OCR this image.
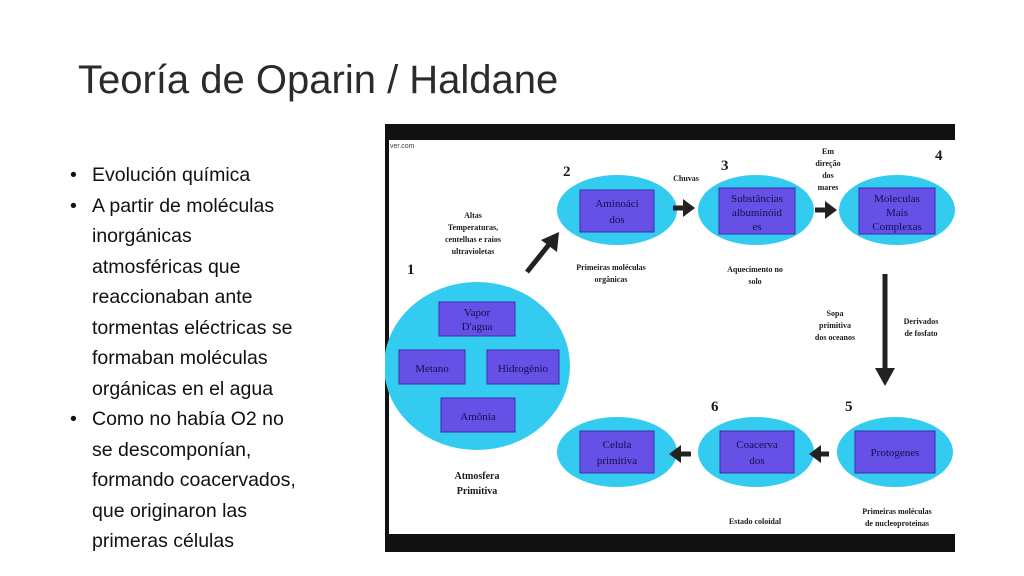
Teoría de Oparin / Haldane
• Evolución química
• A partir de moléculas
inorgánicas
atmosféricas que
reaccionaban ante
tormentas eléctricas se
formaban moléculas
orgánicas en el agua
• Como no había O2 no
se descomponían,
formando coacervados,
que originaron las
primeras células
ver.com
Vapor
D'agua
Metano	Hidrogênio
Amônia
1
Atmosfera
Primitiva
Aminoáci
dos
Substâncias
albuminóid
es
Moleculas
Mais
Complexas
Protogenes
Coacerva
dos
Celula
primitiva
2	3
4
5
6
Primeiras moléculas
orgânicas
Aquecimento no
solo
Estado coloidal
Primeiras moléculas
de nucleoproteinas
Altas
Temperaturas,
centelhas e raios
ultravioletas
Chuvas
Em
direção
dos
mares
Sopa
primitiva
dos oceanos
Derivados
de fosfato
